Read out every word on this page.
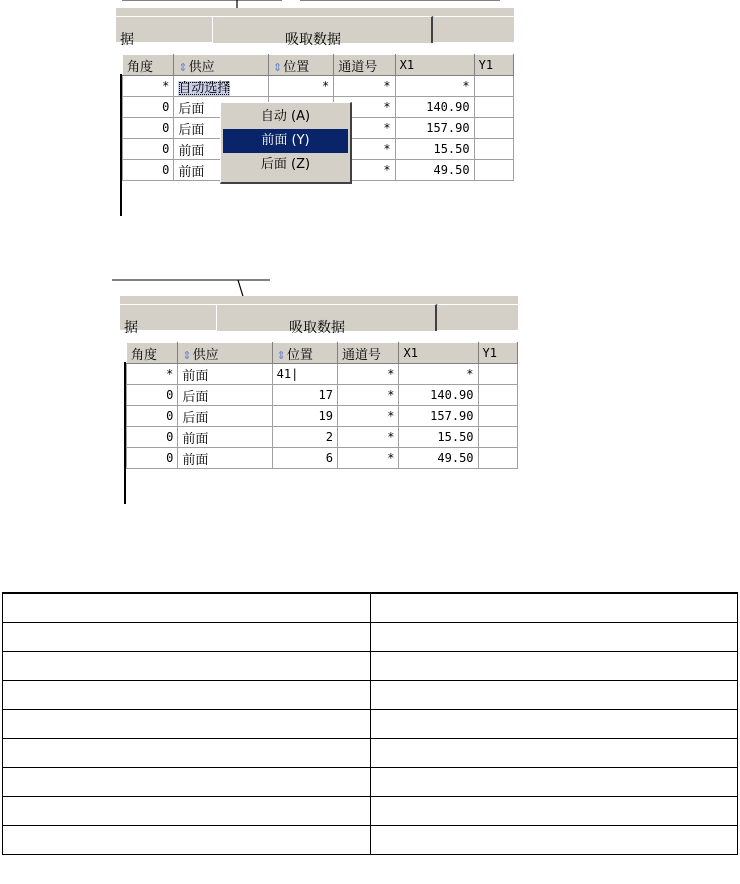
据	吸取数据
角度	⇕供应	⇕位置	通道号	X1	Y1
*	自动选择	*	*	*	
0	后面		*	140.90	
0	后面		*	157.90	
0	前面		*	15.50	
0	前面		*	49.50	
自动 (A)
前面 (Y)
后面 (Z)
据	吸取数据
角度	⇕供应	⇕位置	通道号	X1	Y1
*	前面	41|	*	*	
0	后面	17	*	140.90	
0	后面	19	*	157.90	
0	前面	2	*	15.50	
0	前面	6	*	49.50	
